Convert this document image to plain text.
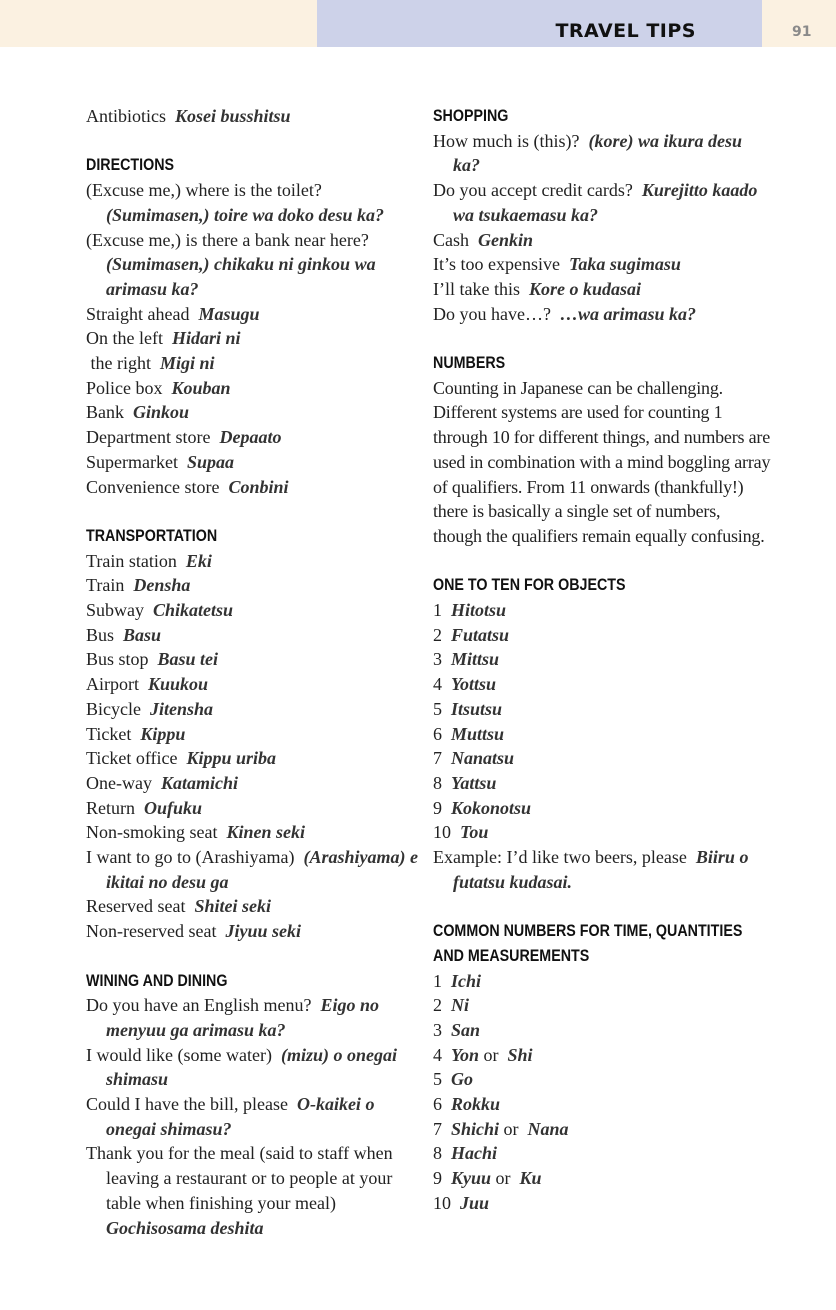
TRAVEL TIPS	91
Antibiotics Kosei busshitsu
DIRECTIONS
(Excuse me,) where is the toilet?  (Sumimasen,) toire wa doko desu ka?
(Excuse me,) is there a bank near here?  (Sumimasen,) chikaku ni ginkou wa arimasu ka?
Straight ahead Masugu
On the left Hidari ni
the right Migi ni
Police box Kouban
Bank Ginkou
Department store Depaato
Supermarket Supaa
Convenience store Conbini
TRANSPORTATION
Train station Eki
Train Densha
Subway Chikatetsu
Bus Basu
Bus stop Basu tei
Airport Kuukou
Bicycle Jitensha
Ticket Kippu
Ticket office Kippu uriba
One-way Katamichi
Return Oufuku
Non-smoking seat Kinen seki
I want to go to (Arashiyama) (Arashiyama) e ikitai no desu ga
Reserved seat Shitei seki
Non-reserved seat Jiyuu seki
WINING AND DINING
Do you have an English menu? Eigo no menyuu ga arimasu ka?
I would like (some water) (mizu) o onegai shimasu
Could I have the bill, please O-kaikei o onegai shimasu?
Thank you for the meal (said to staff when leaving a restaurant or to people at your table when finishing your meal)  Gochisosama deshita
SHOPPING
How much is (this)? (kore) wa ikura desu ka?
Do you accept credit cards? Kurejitto kaado wa tsukaemasu ka?
Cash Genkin
It’s too expensive Taka sugimasu
I’ll take this Kore o kudasai
Do you have…? …wa arimasu ka?
NUMBERS
Counting in Japanese can be challenging. Different systems are used for counting 1 through 10 for different things, and numbers are used in combination with a mind boggling array of qualifiers. From 11 onwards (thankfully!) there is basically a single set of numbers, though the qualifiers remain equally confusing.
ONE TO TEN FOR OBJECTS
1 Hitotsu
2 Futatsu
3 Mittsu
4 Yottsu
5 Itsutsu
6 Muttsu
7 Nanatsu
8 Yattsu
9 Kokonotsu
10 Tou
Example: I’d like two beers, please Biiru o futatsu kudasai.
COMMON NUMBERS FOR TIME, QUANTITIES AND MEASUREMENTS
1 Ichi
2 Ni
3 San
4 Yon or Shi
5 Go
6 Rokku
7 Shichi or Nana
8 Hachi
9 Kyuu or Ku
10 Juu
